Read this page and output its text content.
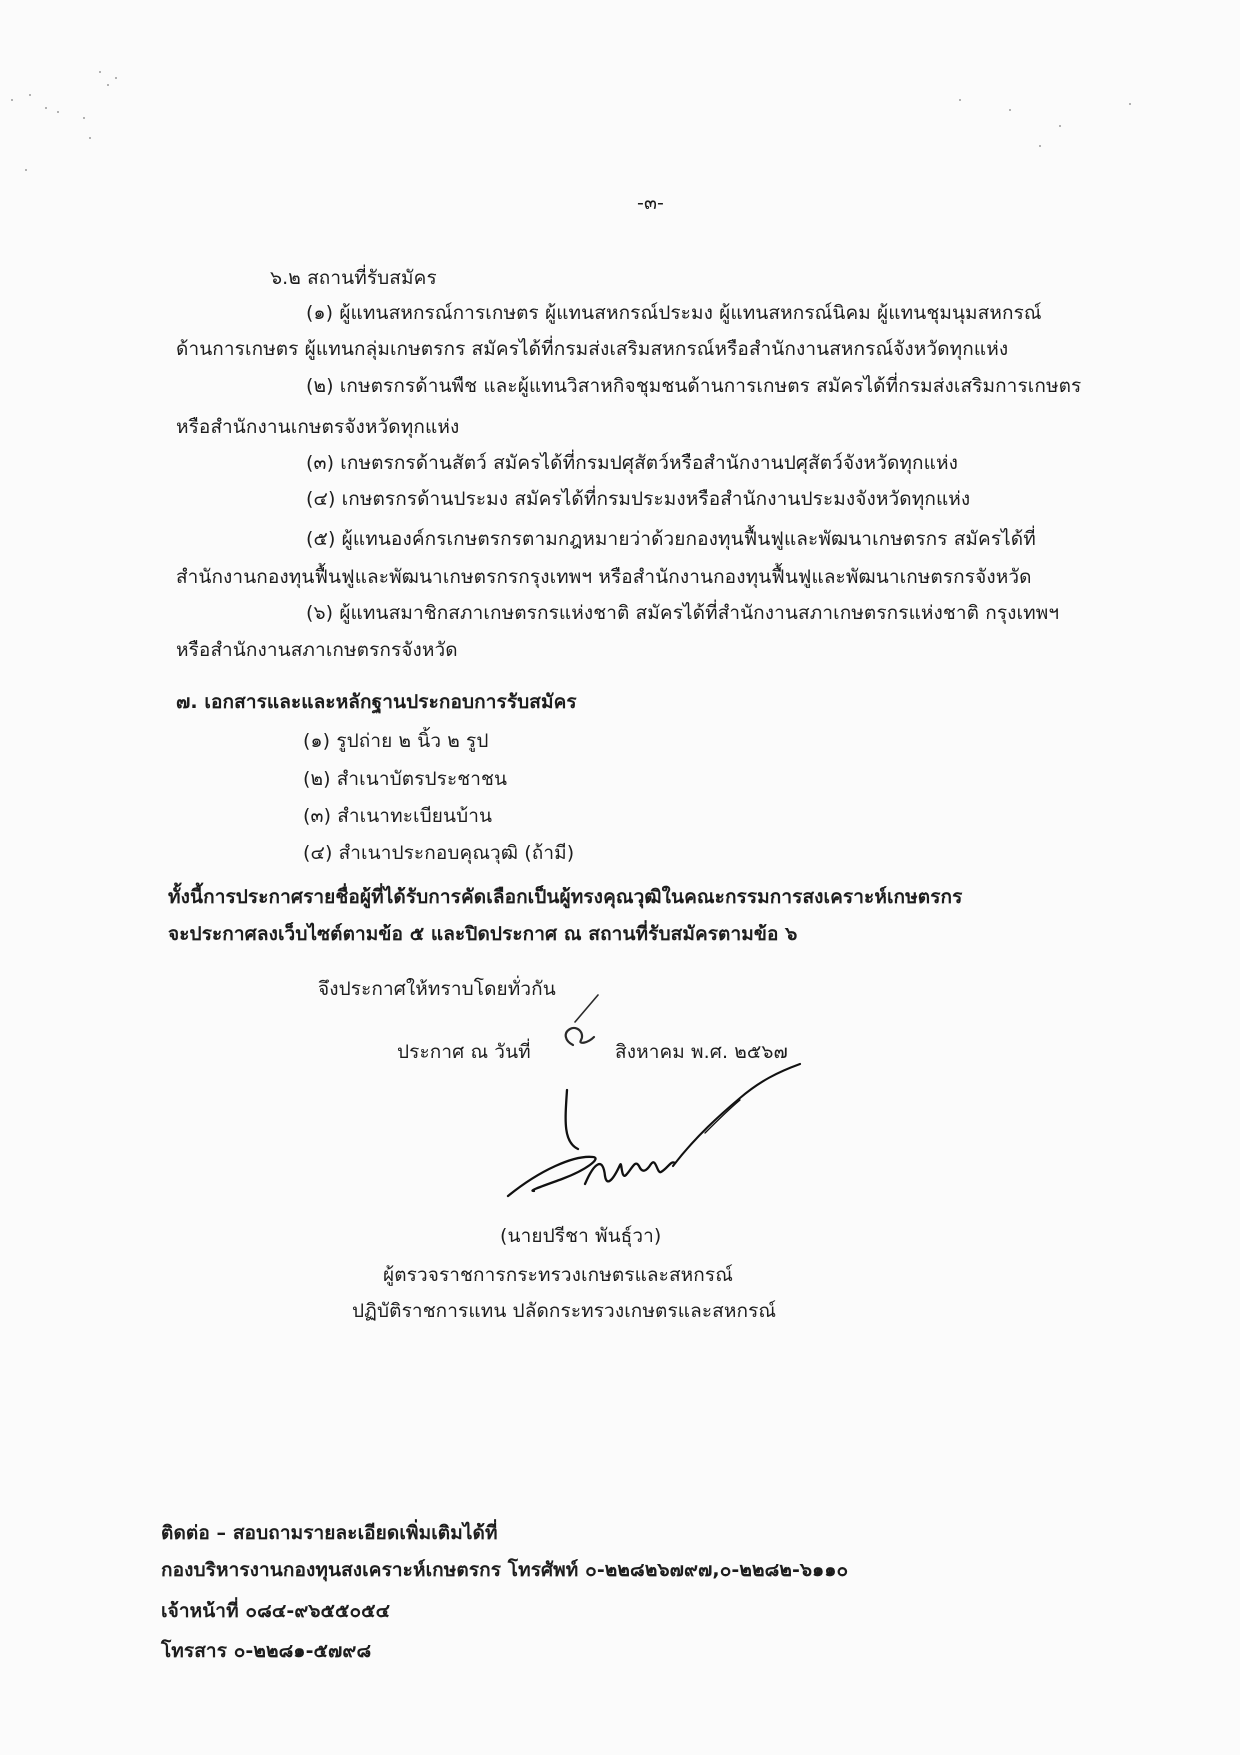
-๓-
๖.๒ สถานที่รับสมัคร
(๑) ผู้แทนสหกรณ์การเกษตร ผู้แทนสหกรณ์ประมง ผู้แทนสหกรณ์นิคม ผู้แทนชุมนุมสหกรณ์
ด้านการเกษตร ผู้แทนกลุ่มเกษตรกร สมัครได้ที่กรมส่งเสริมสหกรณ์หรือสำนักงานสหกรณ์จังหวัดทุกแห่ง
(๒) เกษตรกรด้านพืช และผู้แทนวิสาหกิจชุมชนด้านการเกษตร สมัครได้ที่กรมส่งเสริมการเกษตร
หรือสำนักงานเกษตรจังหวัดทุกแห่ง
(๓) เกษตรกรด้านสัตว์ สมัครได้ที่กรมปศุสัตว์หรือสำนักงานปศุสัตว์จังหวัดทุกแห่ง
(๔) เกษตรกรด้านประมง สมัครได้ที่กรมประมงหรือสำนักงานประมงจังหวัดทุกแห่ง
(๕) ผู้แทนองค์กรเกษตรกรตามกฎหมายว่าด้วยกองทุนฟื้นฟูและพัฒนาเกษตรกร สมัครได้ที่
สำนักงานกองทุนฟื้นฟูและพัฒนาเกษตรกรกรุงเทพฯ หรือสำนักงานกองทุนฟื้นฟูและพัฒนาเกษตรกรจังหวัด
(๖) ผู้แทนสมาชิกสภาเกษตรกรแห่งชาติ สมัครได้ที่สำนักงานสภาเกษตรกรแห่งชาติ กรุงเทพฯ
หรือสำนักงานสภาเกษตรกรจังหวัด
๗. เอกสารและและหลักฐานประกอบการรับสมัคร
(๑) รูปถ่าย ๒ นิ้ว ๒ รูป
(๒) สำเนาบัตรประชาชน
(๓) สำเนาทะเบียนบ้าน
(๔) สำเนาประกอบคุณวุฒิ (ถ้ามี)
ทั้งนี้การประกาศรายชื่อผู้ที่ได้รับการคัดเลือกเป็นผู้ทรงคุณวุฒิในคณะกรรมการสงเคราะห์เกษตรกร
จะประกาศลงเว็บไซต์ตามข้อ ๕ และปิดประกาศ ณ สถานที่รับสมัครตามข้อ ๖
จึงประกาศให้ทราบโดยทั่วกัน
ประกาศ ณ วันที่	สิงหาคม พ.ศ. ๒๕๖๗
(นายปรีชา พันธุ์วา)
ผู้ตรวจราชการกระทรวงเกษตรและสหกรณ์
ปฏิบัติราชการแทน ปลัดกระทรวงเกษตรและสหกรณ์
ติดต่อ – สอบถามรายละเอียดเพิ่มเติมได้ที่
กองบริหารงานกองทุนสงเคราะห์เกษตรกร โทรศัพท์ ๐-๒๒๘๒๖๗๙๗,๐-๒๒๘๒-๖๑๑๐
เจ้าหน้าที่ ๐๘๔-๙๖๕๕๐๕๔
โทรสาร ๐-๒๒๘๑-๕๗๙๘
